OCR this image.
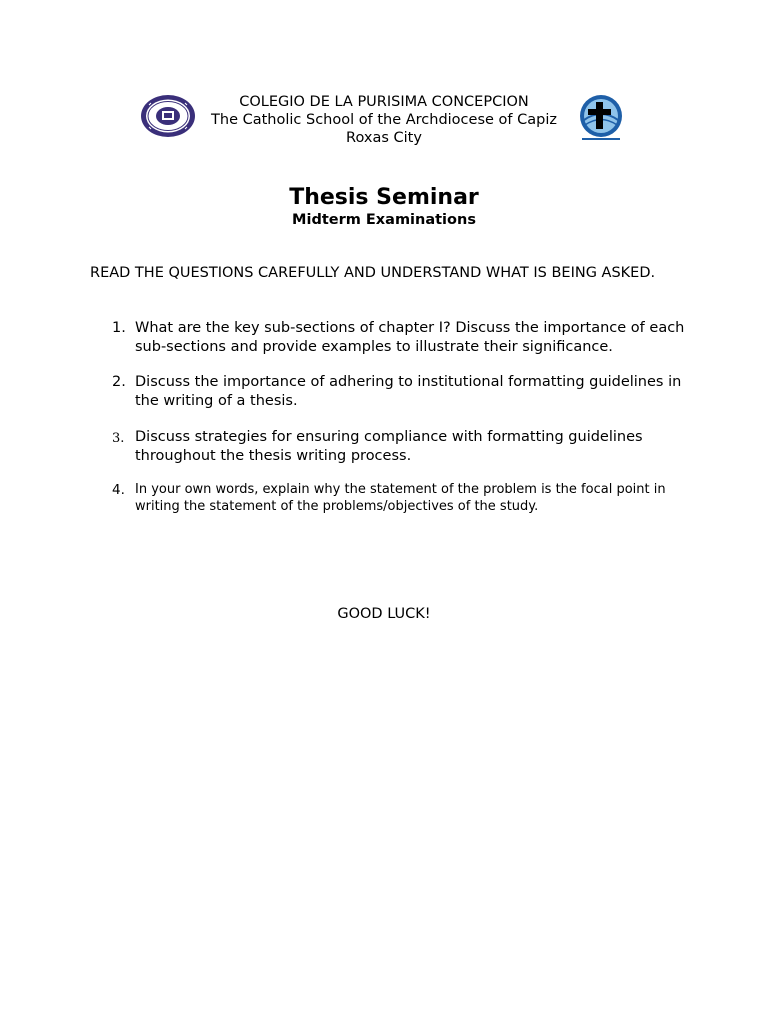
COLEGIO DE LA PURISIMA CONCEPCION
The Catholic School of the Archdiocese of Capiz
Roxas City
Thesis Seminar
Midterm Examinations
READ THE QUESTIONS CAREFULLY AND UNDERSTAND WHAT IS BEING ASKED.
1. What are the key sub-sections of chapter I? Discuss the importance of each sub-sections and provide examples to illustrate their significance.
2. Discuss the importance of adhering to institutional formatting guidelines in the writing of a thesis.
3. Discuss strategies for ensuring compliance with formatting guidelines throughout the thesis writing process.
4. In your own words, explain why the statement of the problem is the focal point in writing the statement of the problems/objectives of the study.
GOOD LUCK!
